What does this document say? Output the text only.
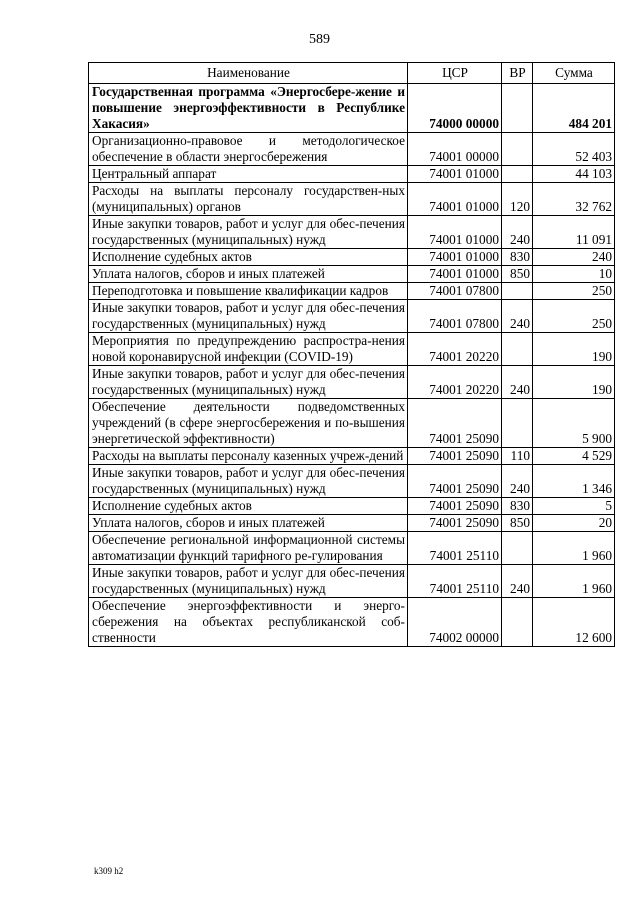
589
Наименование	ЦСР	ВР	Сумма
Государственная программа «Энергосбере-жение и повышение энергоэффективности в Республике Хакасия»	74000 00000		484 201
Организационно-правовое и методологическое обеспечение в области энергосбережения	74001 00000		52 403
Центральный аппарат	74001 01000		44 103
Расходы на выплаты персоналу государствен-ных (муниципальных) органов	74001 01000	120	32 762
Иные закупки товаров, работ и услуг для обес-печения государственных (муниципальных) нужд	74001 01000	240	11 091
Исполнение судебных актов	74001 01000	830	240
Уплата налогов, сборов и иных платежей	74001 01000	850	10
Переподготовка и повышение квалификации кадров	74001 07800		250
Иные закупки товаров, работ и услуг для обес-печения государственных (муниципальных) нужд	74001 07800	240	250
Мероприятия по предупреждению распростра-нения новой коронавирусной инфекции (COVID-19)	74001 20220		190
Иные закупки товаров, работ и услуг для обес-печения государственных (муниципальных) нужд	74001 20220	240	190
Обеспечение деятельности подведомственных учреждений (в сфере энергосбережения и по-вышения энергетической эффективности)	74001 25090		5 900
Расходы на выплаты персоналу казенных учреж-дений	74001 25090	110	4 529
Иные закупки товаров, работ и услуг для обес-печения государственных (муниципальных) нужд	74001 25090	240	1 346
Исполнение судебных актов	74001 25090	830	5
Уплата налогов, сборов и иных платежей	74001 25090	850	20
Обеспечение региональной информационной системы автоматизации функций тарифного ре-гулирования	74001 25110		1 960
Иные закупки товаров, работ и услуг для обес-печения государственных (муниципальных) нужд	74001 25110	240	1 960
Обеспечение энергоэффективности и энерго-сбережения на объектах республиканской соб-ственности	74002 00000		12 600
k309 h2
